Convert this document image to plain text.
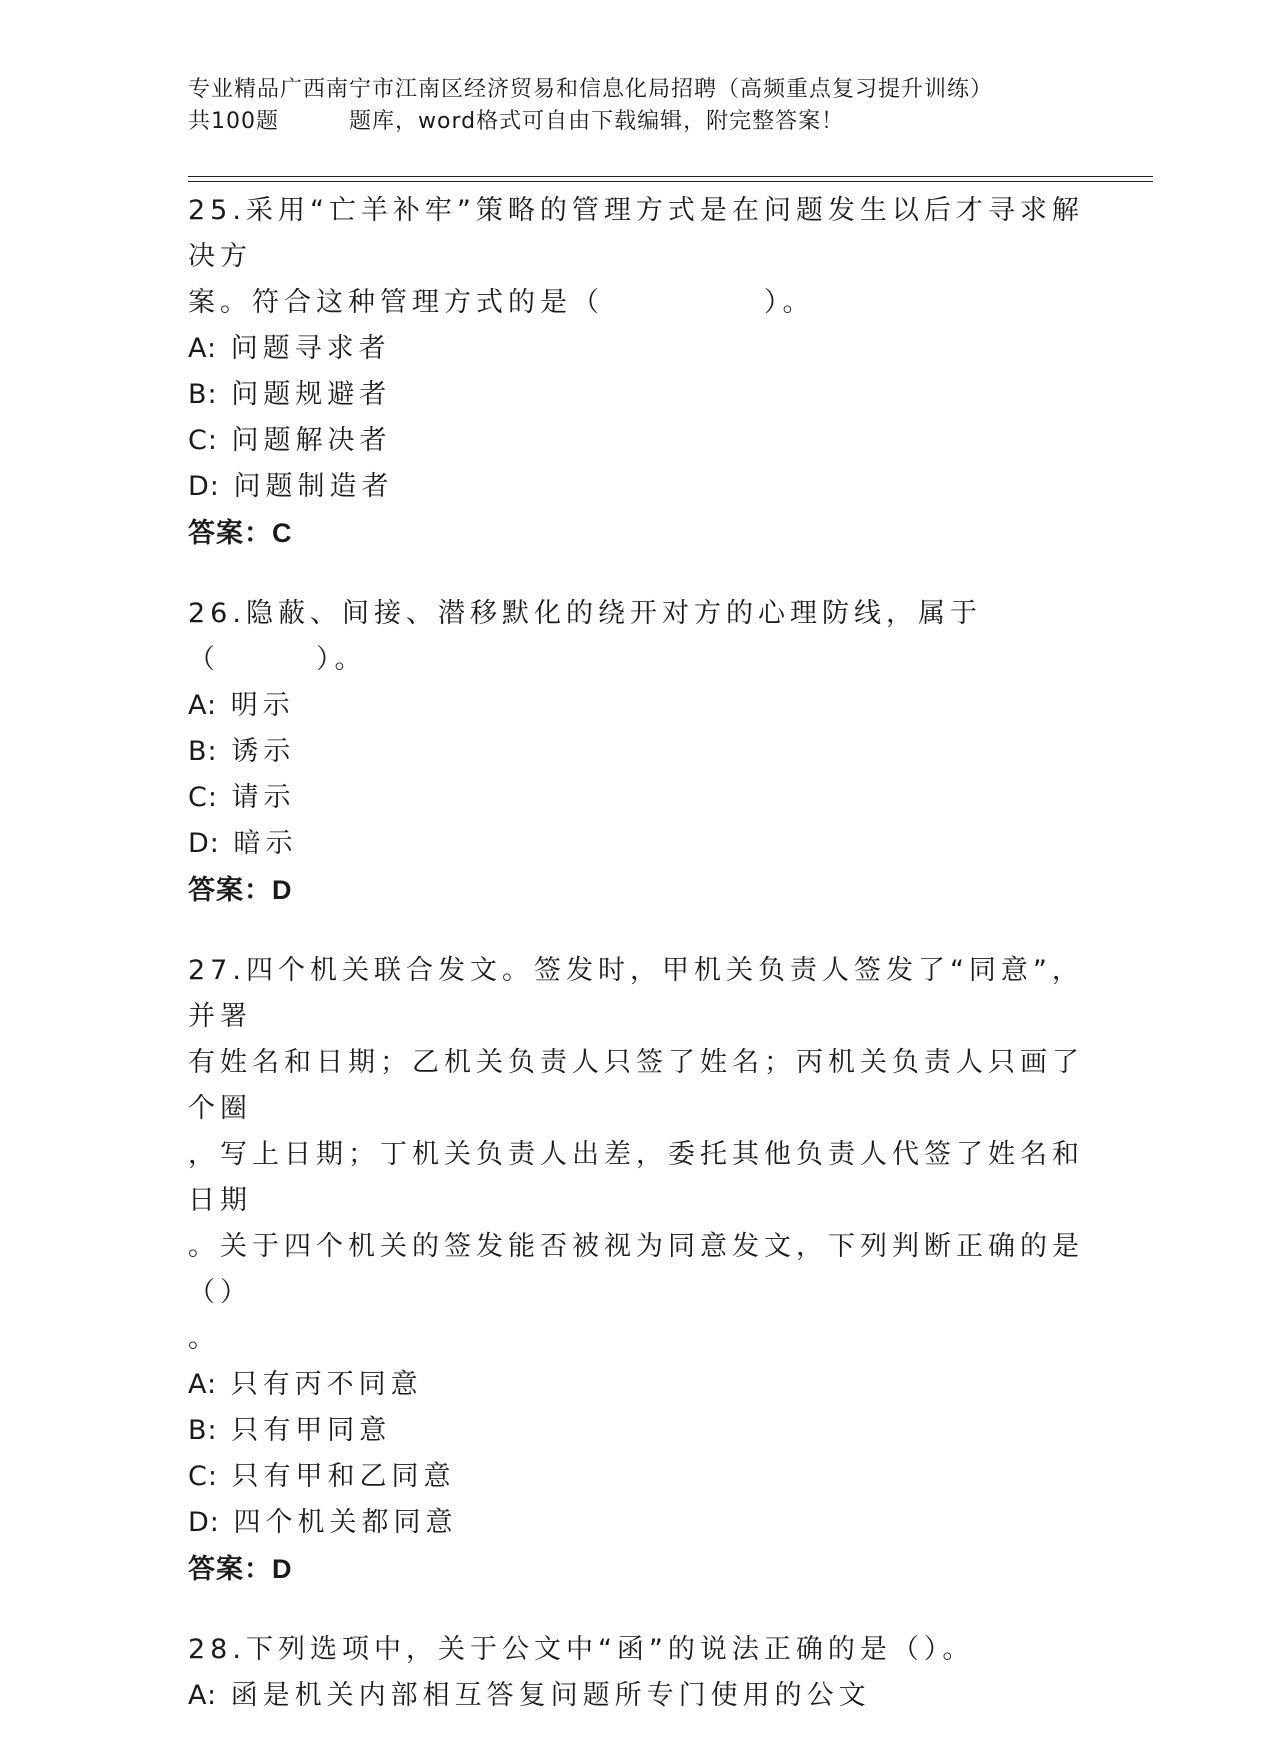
专业精品广西南宁市江南区经济贸易和信息化局招聘（高频重点复习提升训练）
共100题	题库，word格式可自由下载编辑，附完整答案！
25.采用“亡羊补牢”策略的管理方式是在问题发生以后才寻求解决方
案。符合这种管理方式的是（　　　　　）。
A: 问题寻求者
B: 问题规避者
C: 问题解决者
D: 问题制造者
答案：C
26.隐蔽、间接、潜移默化的绕开对方的心理防线，属于（　　　）。
A: 明示
B: 诱示
C: 请示
D: 暗示
答案：D
27.四个机关联合发文。签发时，甲机关负责人签发了“同意”，并署
有姓名和日期；乙机关负责人只签了姓名；丙机关负责人只画了个圈
，写上日期；丁机关负责人出差，委托其他负责人代签了姓名和日期
。关于四个机关的签发能否被视为同意发文，下列判断正确的是（）
。
A: 只有丙不同意
B: 只有甲同意
C: 只有甲和乙同意
D: 四个机关都同意
答案：D
28.下列选项中，关于公文中“函”的说法正确的是（）。
A: 函是机关内部相互答复问题所专门使用的公文
